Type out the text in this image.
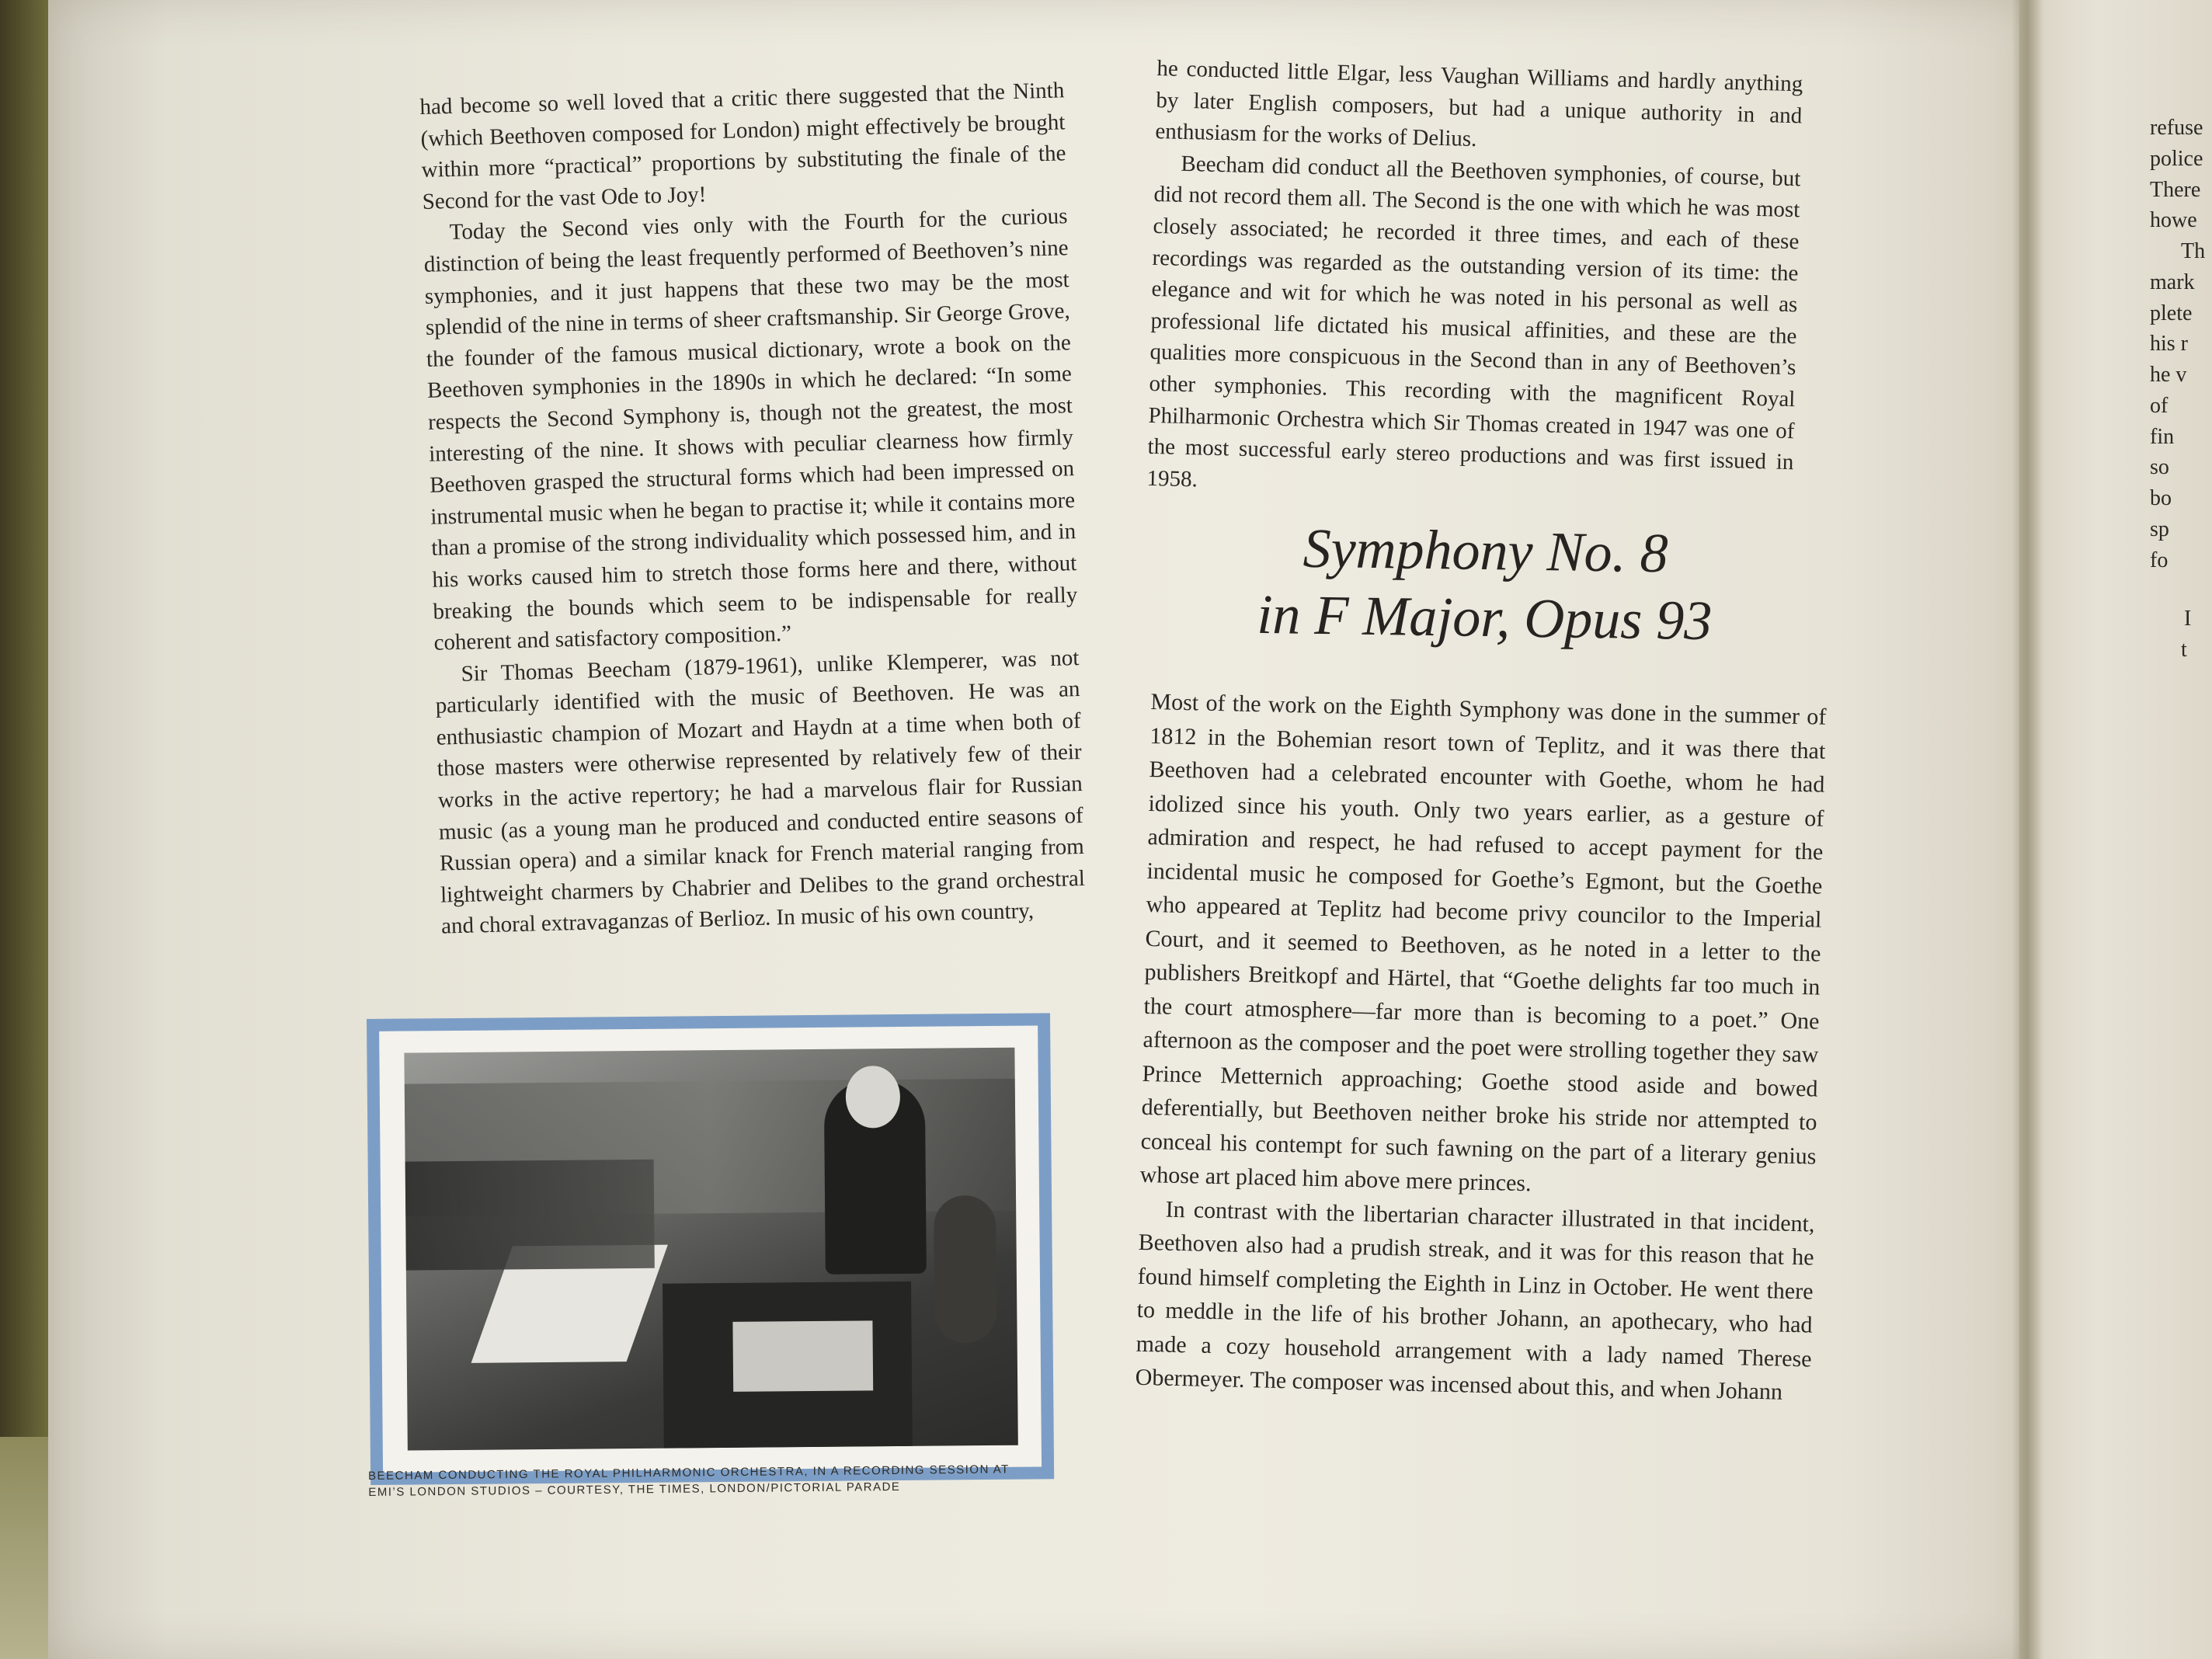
had become so well loved that a critic there suggested that the Ninth (which Beethoven composed for London) might effectively be brought within more “practical” proportions by substituting the finale of the Second for the vast Ode to Joy!

Today the Second vies only with the Fourth for the curious distinction of being the least frequently performed of Beethoven’s nine symphonies, and it just happens that these two may be the most splendid of the nine in terms of sheer craftsmanship. Sir George Grove, the founder of the famous musical dictionary, wrote a book on the Beethoven symphonies in the 1890s in which he declared: “In some respects the Second Symphony is, though not the greatest, the most interesting of the nine. It shows with peculiar clearness how firmly Beethoven grasped the structural forms which had been impressed on instrumental music when he began to practise it; while it contains more than a promise of the strong individuality which possessed him, and in his works caused him to stretch those forms here and there, without breaking the bounds which seem to be indispensable for really coherent and satisfactory composition.”

Sir Thomas Beecham (1879-1961), unlike Klemperer, was not particularly identified with the music of Beethoven. He was an enthusiastic champion of Mozart and Haydn at a time when both of those masters were otherwise represented by relatively few of their works in the active repertory; he had a marvelous flair for Russian music (as a young man he produced and conducted entire seasons of Russian opera) and a similar knack for French material ranging from lightweight charmers by Chabrier and Delibes to the grand orchestral and choral extravaganzas of Berlioz. In music of his own country,

he conducted little Elgar, less Vaughan Williams and hardly anything by later English composers, but had a unique authority in and enthusiasm for the works of Delius.

Beecham did conduct all the Beethoven symphonies, of course, but did not record them all. The Second is the one with which he was most closely associated; he recorded it three times, and each of these recordings was regarded as the outstanding version of its time: the elegance and wit for which he was noted in his personal as well as professional life dictated his musical affinities, and these are the qualities more conspicuous in the Second than in any of Beethoven’s other symphonies. This recording with the magnificent Royal Philharmonic Orchestra which Sir Thomas created in 1947 was one of the most successful early stereo productions and was first issued in 1958.

Symphony No. 8
in F Major, Opus 93

Most of the work on the Eighth Symphony was done in the summer of 1812 in the Bohemian resort town of Teplitz, and it was there that Beethoven had a celebrated encounter with Goethe, whom he had idolized since his youth. Only two years earlier, as a gesture of admiration and respect, he had refused to accept payment for the incidental music he composed for Goethe’s Egmont, but the Goethe who appeared at Teplitz had become privy councilor to the Imperial Court, and it seemed to Beethoven, as he noted in a letter to the publishers Breitkopf and Härtel, that “Goethe delights far too much in the court atmosphere—far more than is becoming to a poet.” One afternoon as the composer and the poet were strolling together they saw Prince Metternich approaching; Goethe stood aside and bowed deferentially, but Beethoven neither broke his stride nor attempted to conceal his contempt for such fawning on the part of a literary genius whose art placed him above mere princes.

In contrast with the libertarian character illustrated in that incident, Beethoven also had a prudish streak, and it was for this reason that he found himself completing the Eighth in Linz in October. He went there to meddle in the life of his brother Johann, an apothecary, who had made a cozy household arrangement with a lady named Therese Obermeyer. The composer was incensed about this, and when Johann

BEECHAM CONDUCTING THE ROYAL PHILHARMONIC ORCHESTRA, IN A RECORDING SESSION AT
EMI’S LONDON STUDIOS – COURTESY, THE TIMES, LONDON/PICTORIAL PARADE

refuse
police
There
howe
Th
mark
plete
his r
he v
of
fin
so
bo
sp
fo
I
t
